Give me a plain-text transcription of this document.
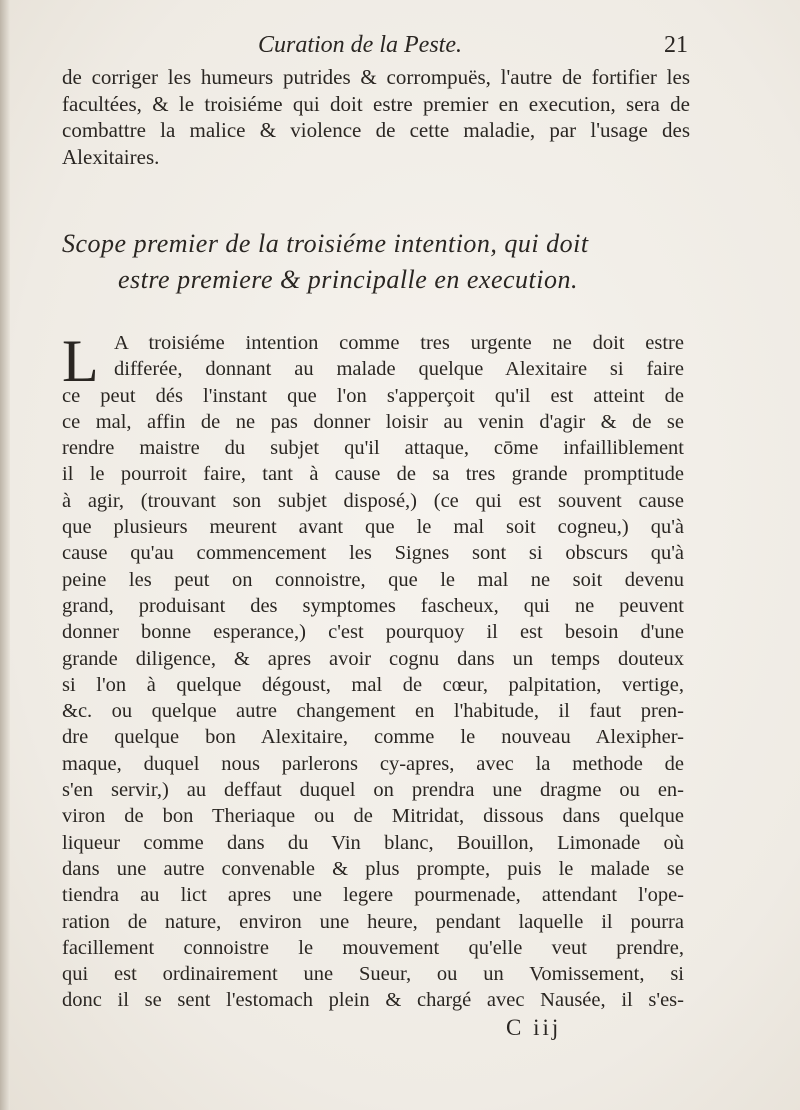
Curation de la Peste.	21
de corriger les humeurs putrides & corrompuës, l'autre de fortifier les facultées, & le troisiéme qui doit estre premier en execution, sera de combattre la malice & violence de cette maladie, par l'usage des Alexitaires.
Scope premier de la troisiéme intention, qui doit
estre premiere & principalle en execution.
L A troisiéme intention comme tres urgente ne doit estre
differée, donnant au malade quelque Alexitaire si faire
ce peut dés l'instant que l'on s'apperçoit qu'il est atteint de
ce mal, affin de ne pas donner loisir au venin d'agir & de se
rendre maistre du subjet qu'il attaque, cōme infailliblement
il le pourroit faire, tant à cause de sa tres grande promptitude
à agir, (trouvant son subjet disposé,) (ce qui est souvent cause
que plusieurs meurent avant que le mal soit cogneu,) qu'à
cause qu'au commencement les Signes sont si obscurs qu'à
peine les peut on connoistre, que le mal ne soit devenu
grand, produisant des symptomes fascheux, qui ne peuvent
donner bonne esperance,) c'est pourquoy il est besoin d'une
grande diligence, & apres avoir cognu dans un temps douteux
si l'on à quelque dégoust, mal de cœur, palpitation, vertige,
&c. ou quelque autre changement en l'habitude, il faut pren-
dre quelque bon Alexitaire, comme le nouveau Alexipher-
maque, duquel nous parlerons cy-apres, avec la methode de
s'en servir,) au deffaut duquel on prendra une dragme ou en-
viron de bon Theriaque ou de Mitridat, dissous dans quelque
liqueur comme dans du Vin blanc, Bouillon, Limonade où
dans une autre convenable & plus prompte, puis le malade se
tiendra au lict apres une legere pourmenade, attendant l'ope-
ration de nature, environ une heure, pendant laquelle il pourra
facillement connoistre le mouvement qu'elle veut prendre,
qui est ordinairement une Sueur, ou un Vomissement, si
donc il se sent l'estomach plein & chargé avec Nausée, il s'es-
C iij
